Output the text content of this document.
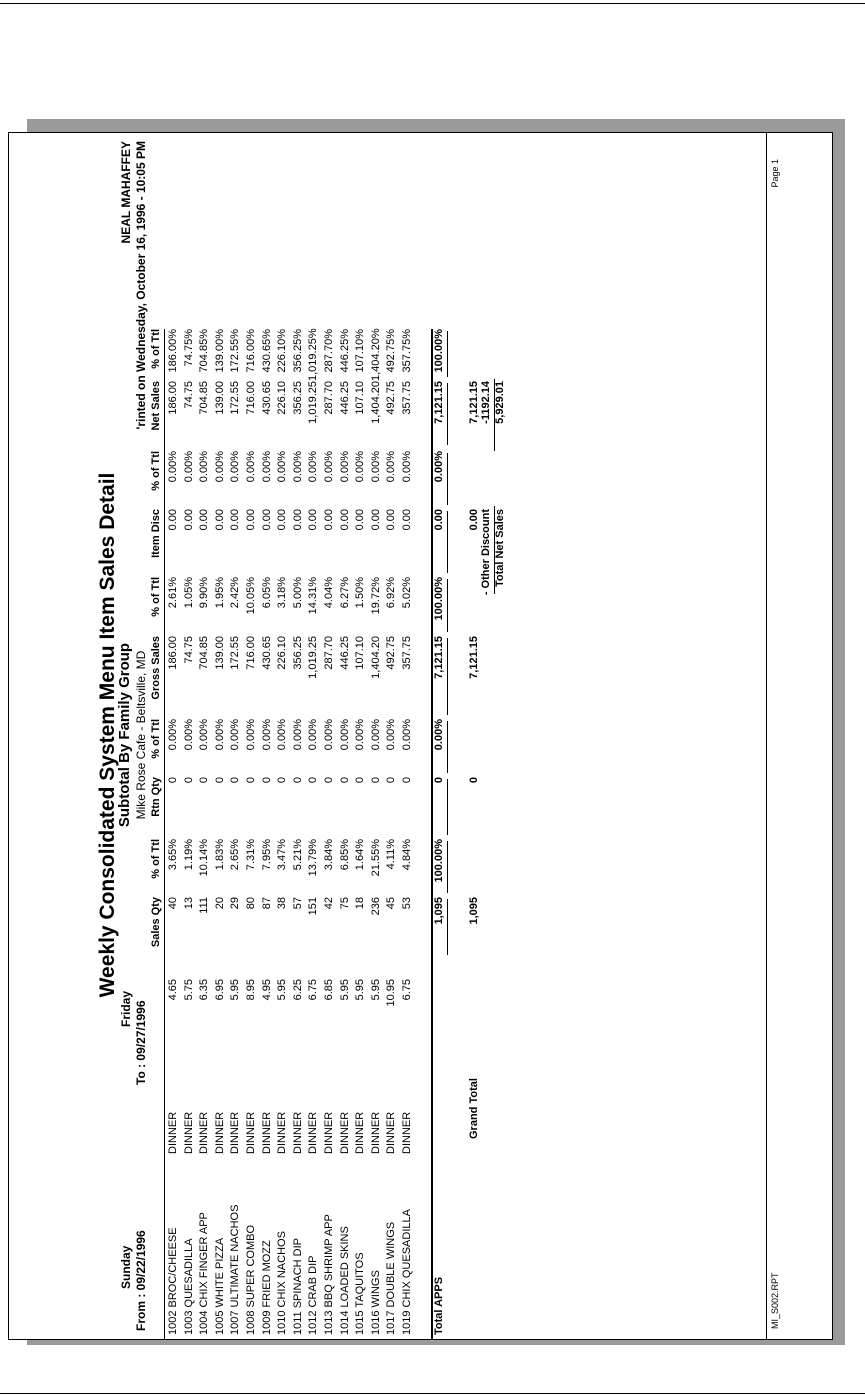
Weekly Consolidated System Menu Item Sales Detail
Subtotal By Family Group Mike Rose Cafe - Beltsville, MD
Sunday
Friday
From : 09/22/1996
To : 09/27/1996
NEAL MAHAFFEY 'rinted on Wednesday, October 16, 1996 - 10:05 PM
Sales Qty
% of Ttl
Rtn Qty
% of Ttl
Gross Sales
% of Ttl
Item Disc
% of Ttl
Net Sales
% of Ttl
1002 BROC/CHEESE
DINNER
4.65
40
3.65%
0
0.00%
186.00
2.61%
0.00
0.00%
186.00
186.00%
1003 QUESADILLA
DINNER
5.75
13
1.19%
0
0.00%
74.75
1.05%
0.00
0.00%
74.75
74.75%
1004 CHIX FINGER APP
DINNER
6.35
111
10.14%
0
0.00%
704.85
9.90%
0.00
0.00%
704.85
704.85%
1005 WHITE PIZZA
DINNER
6.95
20
1.83%
0
0.00%
139.00
1.95%
0.00
0.00%
139.00
139.00%
1007 ULTIMATE NACHOS
DINNER
5.95
29
2.65%
0
0.00%
172.55
2.42%
0.00
0.00%
172.55
172.55%
1008 SUPER COMBO
DINNER
8.95
80
7.31%
0
0.00%
716.00
10.05%
0.00
0.00%
716.00
716.00%
1009 FRIED MOZZ
DINNER
4.95
87
7.95%
0
0.00%
430.65
6.05%
0.00
0.00%
430.65
430.65%
1010 CHIX NACHOS
DINNER
5.95
38
3.47%
0
0.00%
226.10
3.18%
0.00
0.00%
226.10
226.10%
1011 SPINACH DIP
DINNER
6.25
57
5.21%
0
0.00%
356.25
5.00%
0.00
0.00%
356.25
356.25%
1012 CRAB DIP
DINNER
6.75
151
13.79%
0
0.00%
1,019.25
14.31%
0.00
0.00%
1,019.25
1,019.25%
1013 BBQ SHRIMP APP
DINNER
6.85
42
3.84%
0
0.00%
287.70
4.04%
0.00
0.00%
287.70
287.70%
1014 LOADED SKINS
DINNER
5.95
75
6.85%
0
0.00%
446.25
6.27%
0.00
0.00%
446.25
446.25%
1015 TAQUITOS
DINNER
5.95
18
1.64%
0
0.00%
107.10
1.50%
0.00
0.00%
107.10
107.10%
1016 WINGS
DINNER
5.95
236
21.55%
0
0.00%
1,404.20
19.72%
0.00
0.00%
1,404.20
1,404.20%
1017 DOUBLE WINGS
DINNER
10.95
45
4.11%
0
0.00%
492.75
6.92%
0.00
0.00%
492.75
492.75%
1019 CHIX QUESADILLA
DINNER
6.75
53
4.84%
0
0.00%
357.75
5.02%
0.00
0.00%
357.75
357.75%
Total APPS
1,095
100.00%
0
0.00%
7,121.15
100.00%
0.00
0.00%
7,121.15
100.00%
Grand Total
1,095
0
7,121.15
0.00
7,121.15
- Other Discount
-1192.14
Total Net Sales
5,929.01
MI_S002.RPT
Page 1
